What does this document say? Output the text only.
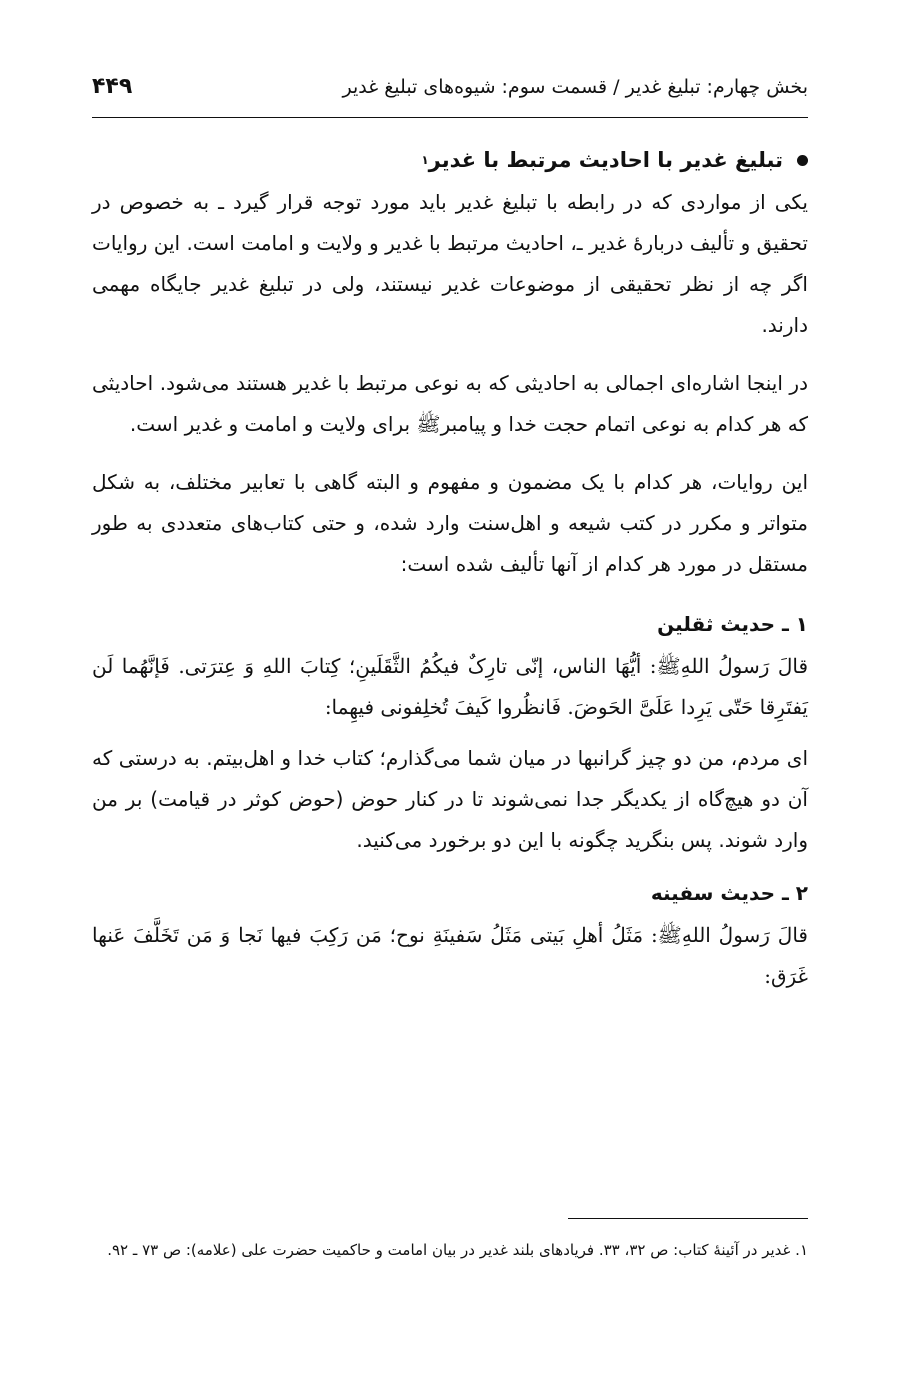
بخش چهارم: تبلیغ غدیر / قسمت سوم: شیوه‌های تبلیغ غدیر
۴۴۹
تبلیغ غدیر با احادیث مرتبط با غدیر
۱

یکی از مواردی که در رابطه با تبلیغ غدیر باید مورد توجه قرار گیرد ـ به خصوص در تحقیق و تألیف دربارۀ غدیر ـ، احادیث مرتبط با غدیر و ولایت و امامت است. این روایات اگر چه از نظر تحقیقی از موضوعات غدیر نیستند، ولی در تبلیغ غدیر جایگاه مهمی دارند.

در اینجا اشاره‌ای اجمالی به احادیثی که به نوعی مرتبط با غدیر هستند می‌شود. احادیثی که هر کدام به نوعی اتمام حجت خدا و پیامبرﷺ برای ولایت و امامت و غدیر است.

این روایات، هر کدام با یک مضمون و مفهوم و البته گاهی با تعابیر مختلف، به شکل متواتر و مکرر در کتب شیعه و اهل‌سنت وارد شده، و حتی کتاب‌های متعددی به طور مستقل در مورد هر کدام از آنها تألیف شده است:

۱ ـ حدیث ثقلین

قالَ رَسولُ اللهِﷺ: أیُّهَا الناس، إنّی تارِکٌ فیکُمُ الثَّقَلَینِ؛ کِتابَ اللهِ وَ عِترَتی. فَإنَّهُما لَن یَفتَرِقا حَتّی یَرِدا عَلَیَّ الحَوضَ. فَانظُروا کَیفَ تُخلِفونی فیهِما:

ای مردم، من دو چیز گرانبها در میان شما می‌گذارم؛ کتاب خدا و اهل‌بیتم. به درستی که آن دو هیچ‌گاه از یکدیگر جدا نمی‌شوند تا در کنار حوض (حوض کوثر در قیامت) بر من وارد شوند. پس بنگرید چگونه با این دو برخورد می‌کنید.

۲ ـ حدیث سفینه

قالَ رَسولُ اللهِﷺ: مَثَلُ أهلِ بَیتی مَثَلُ سَفینَةِ نوح؛ مَن رَکِبَ فیها نَجا وَ مَن تَخَلَّفَ عَنها غَرَق:

۱. غدیر در آئینۀ کتاب: ص ۳۲، ۳۳. فریادهای بلند غدیر در بیان امامت و حاکمیت حضرت علی (علامه): ص ۷۳ ـ ۹۲.
